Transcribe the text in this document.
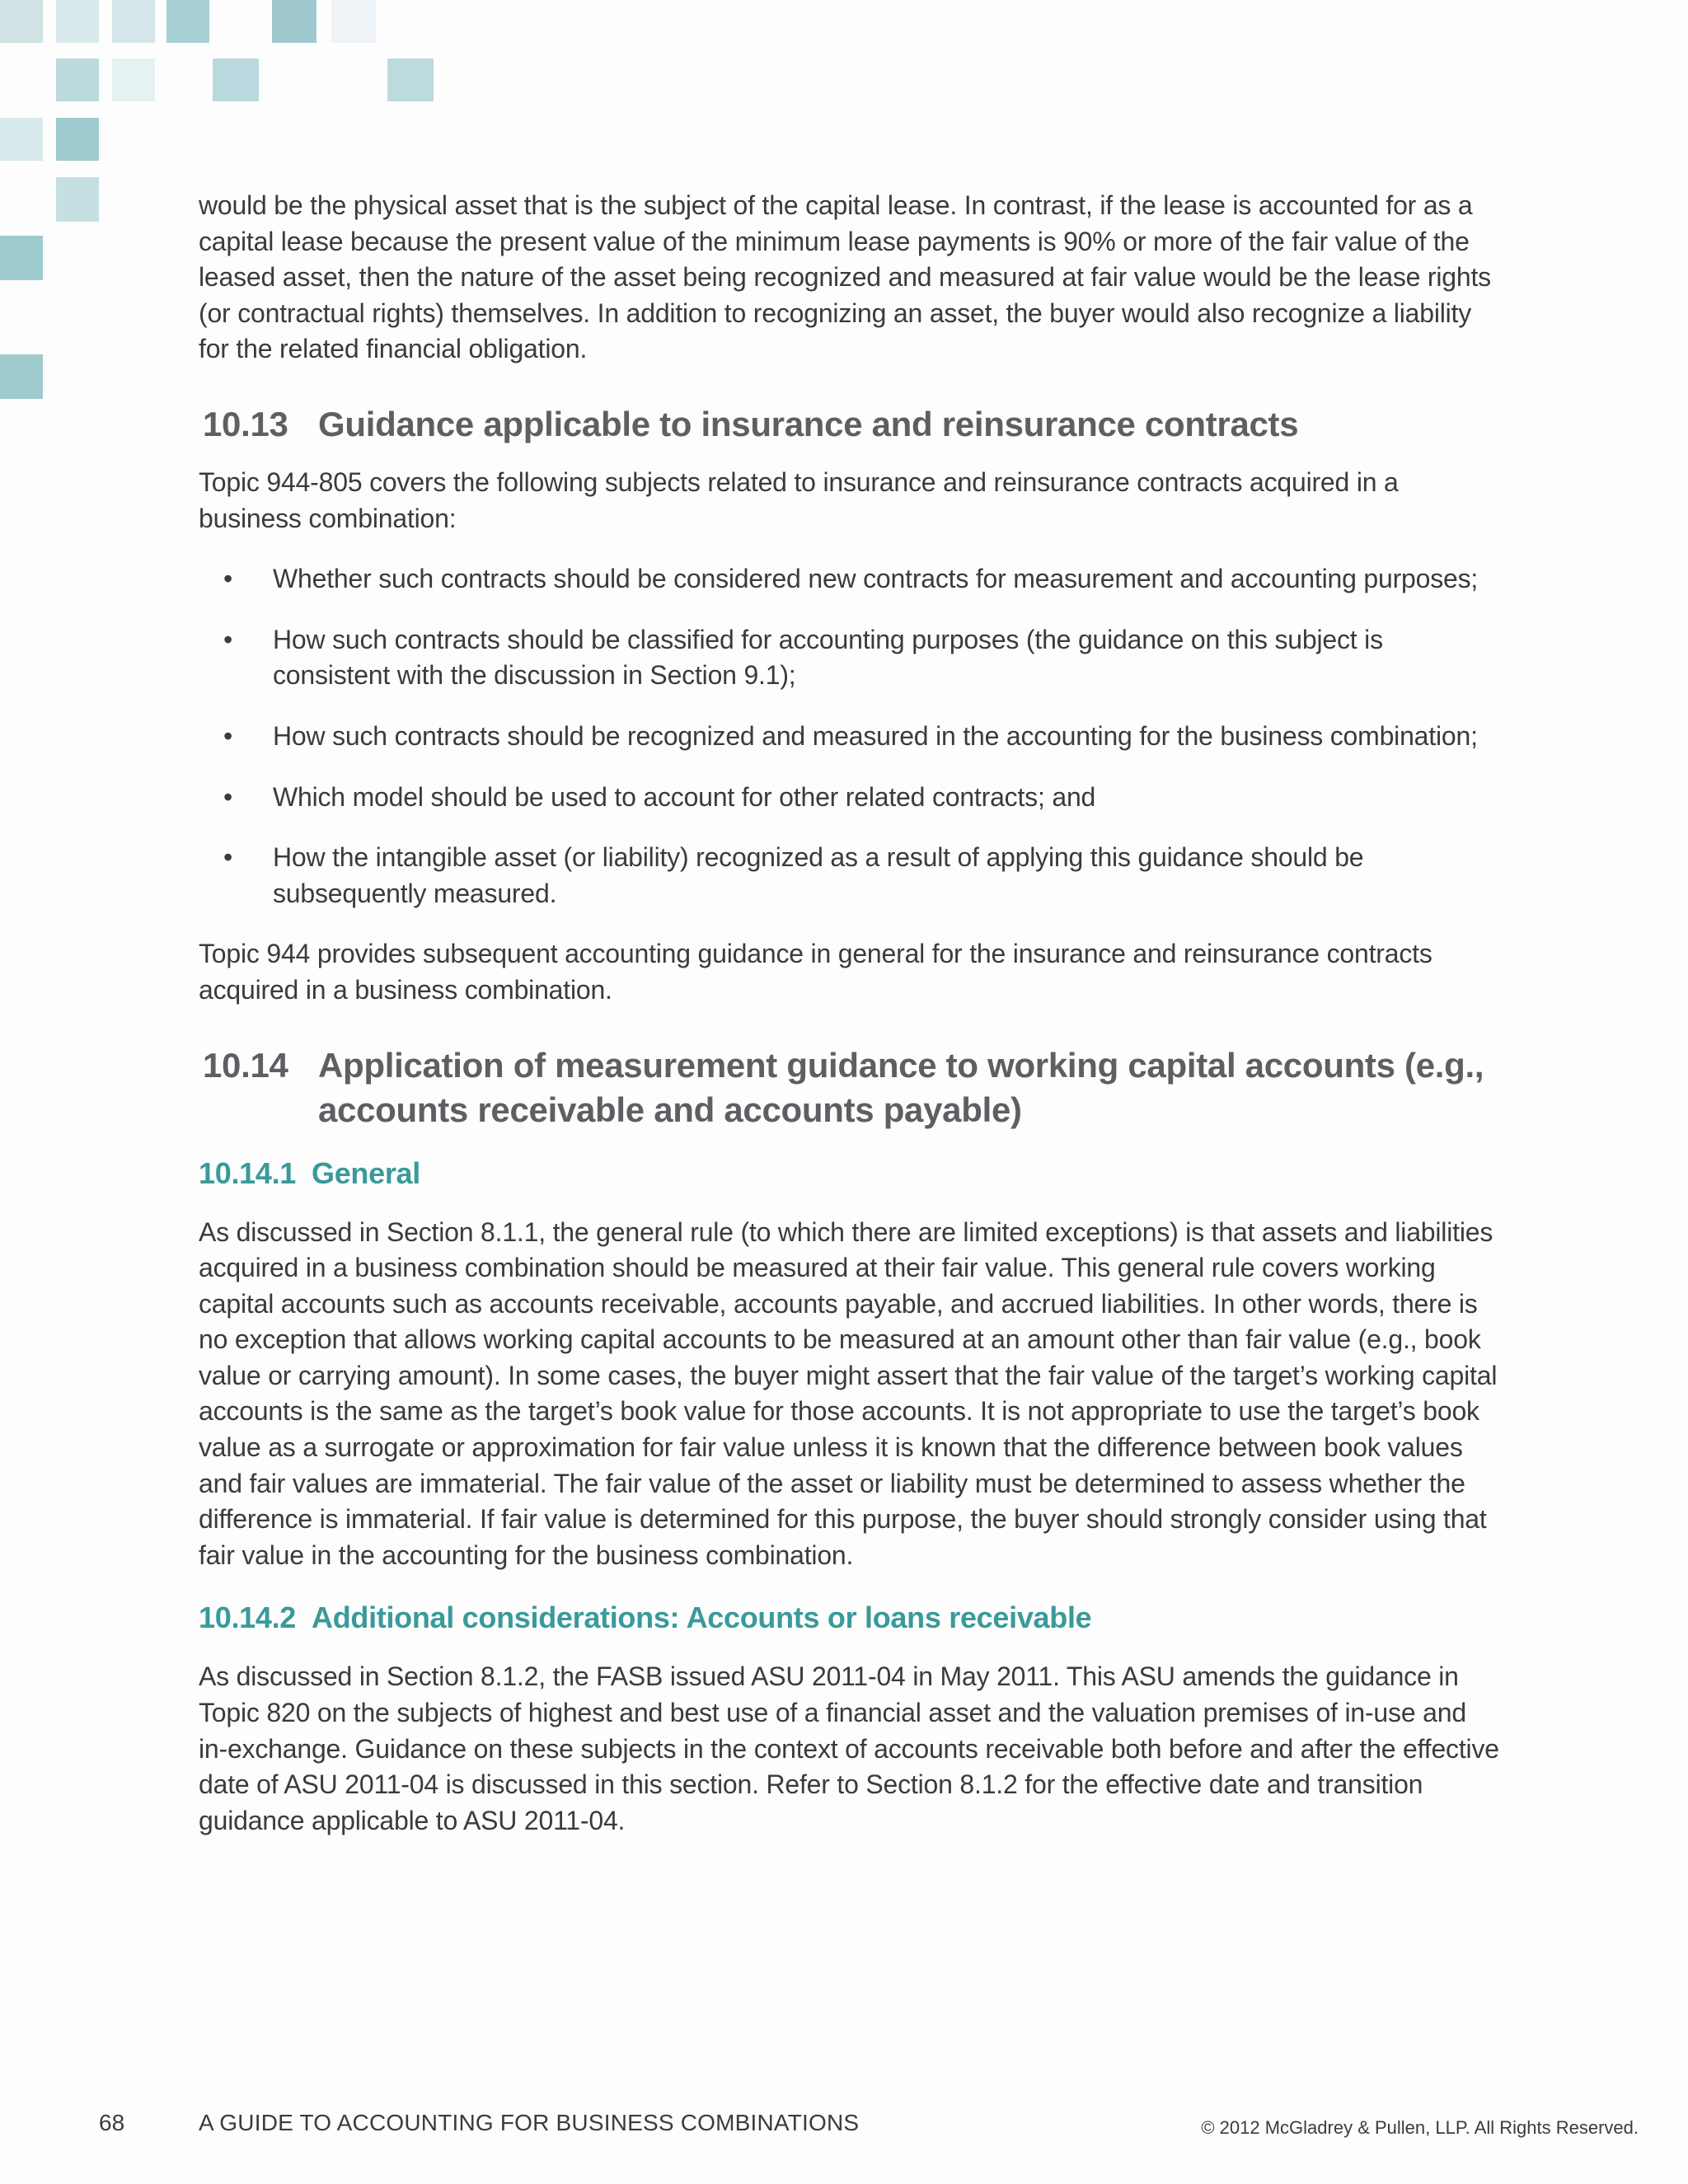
would be the physical asset that is the subject of the capital lease. In contrast, if the lease is accounted for as a capital lease because the present value of the minimum lease payments is 90% or more of the fair value of the leased asset, then the nature of the asset being recognized and measured at fair value would be the lease rights (or contractual rights) themselves. In addition to recognizing an asset, the buyer would also recognize a liability for the related financial obligation.

10.13 Guidance applicable to insurance and reinsurance contracts

Topic 944-805 covers the following subjects related to insurance and reinsurance contracts acquired in a business combination:

• Whether such contracts should be considered new contracts for measurement and accounting purposes;
• How such contracts should be classified for accounting purposes (the guidance on this subject is consistent with the discussion in Section 9.1);
• How such contracts should be recognized and measured in the accounting for the business combination;
• Which model should be used to account for other related contracts; and
• How the intangible asset (or liability) recognized as a result of applying this guidance should be subsequently measured.

Topic 944 provides subsequent accounting guidance in general for the insurance and reinsurance contracts acquired in a business combination.

10.14 Application of measurement guidance to working capital accounts (e.g., accounts receivable and accounts payable)
10.14.1 General

As discussed in Section 8.1.1, the general rule (to which there are limited exceptions) is that assets and liabilities acquired in a business combination should be measured at their fair value. This general rule covers working capital accounts such as accounts receivable, accounts payable, and accrued liabilities. In other words, there is no exception that allows working capital accounts to be measured at an amount other than fair value (e.g., book value or carrying amount). In some cases, the buyer might assert that the fair value of the target’s working capital accounts is the same as the target’s book value for those accounts. It is not appropriate to use the target’s book value as a surrogate or approximation for fair value unless it is known that the difference between book values and fair values are immaterial. The fair value of the asset or liability must be determined to assess whether the difference is immaterial. If fair value is determined for this purpose, the buyer should strongly consider using that fair value in the accounting for the business combination.

10.14.2 Additional considerations: Accounts or loans receivable

As discussed in Section 8.1.2, the FASB issued ASU 2011-04 in May 2011. This ASU amends the guidance in Topic 820 on the subjects of highest and best use of a financial asset and the valuation premises of in-use and in-exchange. Guidance on these subjects in the context of accounts receivable both before and after the effective date of ASU 2011-04 is discussed in this section. Refer to Section 8.1.2 for the effective date and transition guidance applicable to ASU 2011-04.

68	A GUIDE TO ACCOUNTING FOR BUSINESS COMBINATIONS	© 2012 McGladrey & Pullen, LLP. All Rights Reserved.
